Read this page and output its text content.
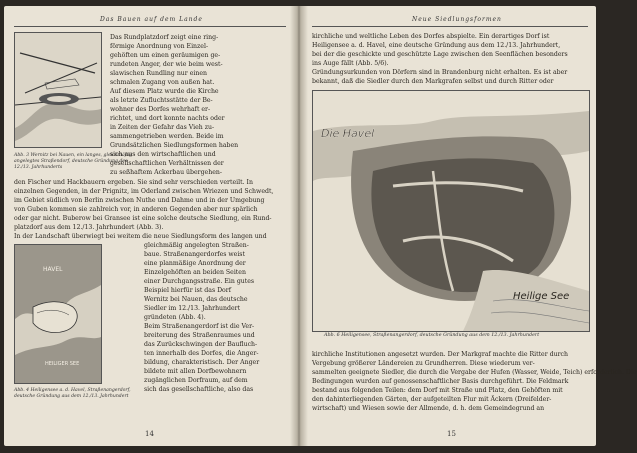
Das Bauen auf dem Lande
Abb. 3 Wernitz bei Nauen, ein langes, gleichmäßig
angelegtes Straßendorf, deutsche Gründung des
12./13. Jahrhunderts
Das Rundplatzdorf zeigt eine ring-
förmige Anordnung von Einzel-
gehöften um einen geräumigen ge-
rundeten Anger, der wie beim west-
slawischen Rundling nur einen
schmalen Zugang von außen hat.
Auf diesem Platz wurde die Kirche
als letzte Zufluchtsstätte der Be-
wohner des Dorfes wehrhaft er-
richtet, und dort konnte nachts oder
in Zeiten der Gefahr das Vieh zu-
sammengetrieben werden. Beide im
Grundsätzlichen Siedlungsformen haben
sich aus den wirtschaftlichen und
gesellschaftlichen Verhältnissen der
zu seßhaftem Ackerbau übergehen-
den Fischer und Hackbauern ergeben. Sie sind sehr verschieden verteilt. In
einzelnen Gegenden, in der Prignitz, im Oderland zwischen Wriezen und Schwedt,
im Gebiet südlich von Berlin zwischen Nuthe und Dahme und in der Umgebung
von Guben kommen sie zahlreich vor, in anderen Gegenden aber nur spärlich
oder gar nicht. Buberow bei Gransee ist eine solche deutsche Siedlung, ein Rund-
platzdorf aus dem 12./13. Jahrhundert (Abb. 3).
In der Landschaft überwiegt bei weitem die neue Siedlungsform des langen und
HAVEL
HEILIGER SEE
Abb. 4 Heiligensee a. d. Havel, Straßenangerdorf,
deutsche Gründung aus dem 12./13. Jahrhundert
gleichmäßig angelegten Straßen-
baue. Straßenangerdorfes weist
eine planmäßige Anordnung der
Einzelgehöften an beiden Seiten
einer Durchgangsstraße. Ein gutes
Beispiel hierfür ist das Dorf
Wernitz bei Nauen, das deutsche
Siedler im 12./13. Jahrhundert
gründeten (Abb. 4).
Beim Straßenangerdorf ist die Ver-
breiterung des Straßenraumes und
das Zurückschwingen der Baufluch-
ten innerhalb des Dorfes, die Anger-
bildung, charakteristisch. Der Anger
bildete mit allen Dorfbewohnern
zugänglichen Dorfraum, auf dem
sich das gesellschaftliche, also das
14
Neue Siedlungsformen
kirchliche und weltliche Leben des Dorfes abspielte. Ein derartiges Dorf ist
Heiligensee a. d. Havel, eine deutsche Gründung aus dem 12./13. Jahrhundert,
bei der die geschickte und geschützte Lage zwischen den Seenflächen besonders
ins Auge fällt (Abb. 5/6).
Gründungsurkunden von Dörfern sind in Brandenburg nicht erhalten. Es ist aber
bekannt, daß die Siedler durch den Markgrafen selbst und durch Ritter oder
Die Havel
Heilige See
Abb. 6 Heiligensee, Straßenangerdorf, deutsche Gründung aus dem 12./13. Jahrhundert
kirchliche Institutionen angesetzt wurden. Der Markgraf machte die Ritter durch
Vergebung größerer Ländereien zu Grundherren. Diese wiederum ver-
sammelten geeignete Siedler, die durch die Vergabe der Hufen (Wasser, Weide, Teich) erforderlich. Die
Bedingungen wurden auf genossenschaftlicher Basis durchgeführt. Die Feldmark
bestand aus folgenden Teilen: dem Dorf mit Straße und Platz, den Gehöften mit
den dahinterliegenden Gärten, der aufgeteilten Flur mit Äckern (Dreifelder-
wirtschaft) und Wiesen sowie der Allmende, d. h. dem Gemeindegrund an
15
